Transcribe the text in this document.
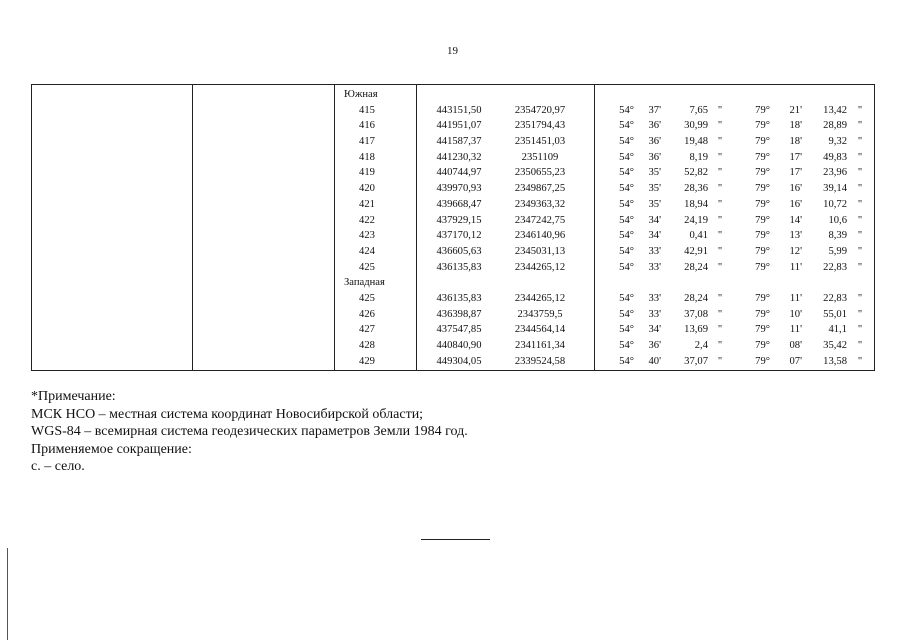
19
Южная
415	443151,50	2354720,97	54°	37'	7,65 "	79°	21'	13,42 "
416	441951,07	2351794,43	54°	36'	30,99 "	79°	18'	28,89 "
417	441587,37	2351451,03	54°	36'	19,48 "	79°	18'	9,32 "
418	441230,32	2351109	54°	36'	8,19 "	79°	17'	49,83 "
419	440744,97	2350655,23	54°	35'	52,82 "	79°	17'	23,96 "
420	439970,93	2349867,25	54°	35'	28,36 "	79°	16'	39,14 "
421	439668,47	2349363,32	54°	35'	18,94 "	79°	16'	10,72 "
422	437929,15	2347242,75	54°	34'	24,19 "	79°	14'	10,6 "
423	437170,12	2346140,96	54°	34'	0,41 "	79°	13'	8,39 "
424	436605,63	2345031,13	54°	33'	42,91 "	79°	12'	5,99 "
425	436135,83	2344265,12	54°	33'	28,24 "	79°	11'	22,83 "
Западная
425	436135,83	2344265,12	54°	33'	28,24 "	79°	11'	22,83 "
426	436398,87	2343759,5	54°	33'	37,08 "	79°	10'	55,01 "
427	437547,85	2344564,14	54°	34'	13,69 "	79°	11'	41,1 "
428	440840,90	2341161,34	54°	36'	2,4 "	79°	08'	35,42 "
429	449304,05	2339524,58	54°	40'	37,07 "	79°	07'	13,58 "
*Примечание:
МСК НСО – местная система координат Новосибирской области;
WGS-84 – всемирная система геодезических параметров Земли 1984 год.
Применяемое сокращение:
с. – село.
